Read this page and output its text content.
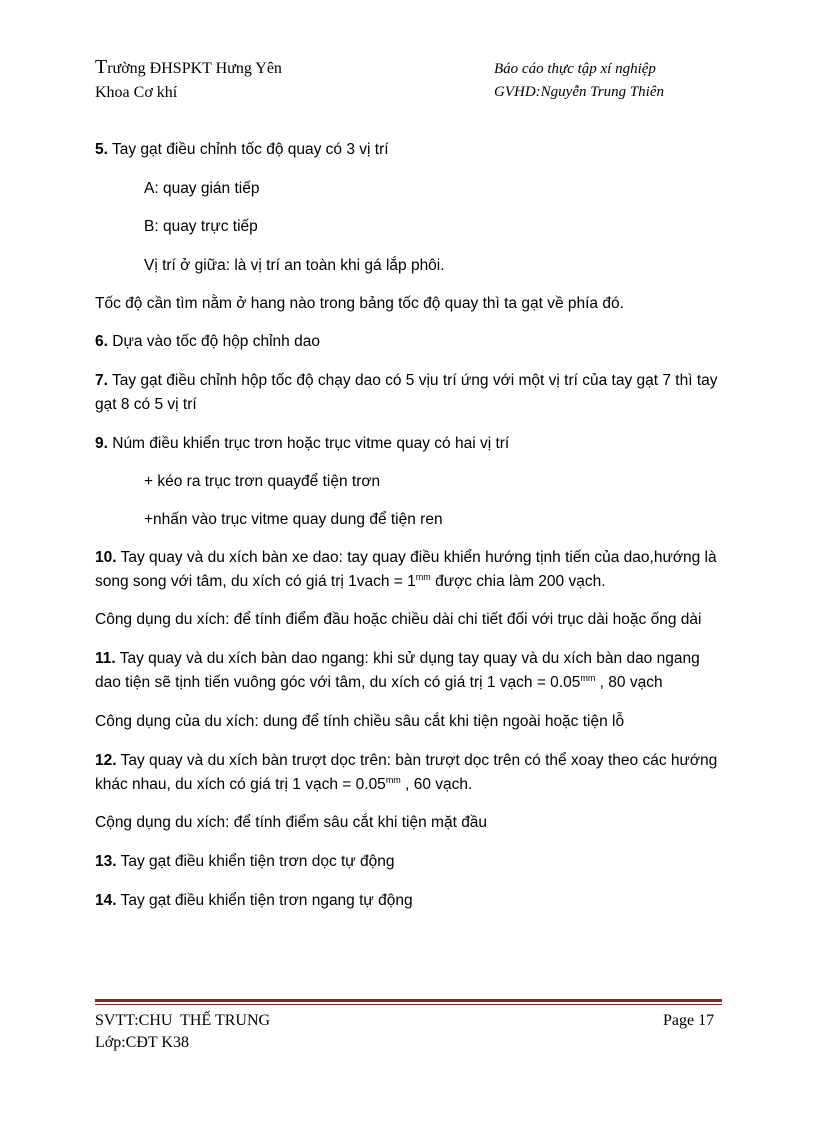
Trường ĐHSPKT Hưng Yên
Khoa Cơ khí
Báo cáo thực tập xí nghiệp
GVHD:Nguyễn Trung Thiên

5. Tay gạt điều chỉnh tốc độ quay có 3 vị trí

A: quay gián tiếp

B: quay trực tiếp

Vị trí ở giữa: là vị trí an toàn khi gá lắp phôi.

Tốc độ cần tìm nằm ở hang nào trong bảng tốc độ quay thì ta gạt về phía đó.

6. Dựa vào tốc độ hộp chỉnh dao

7. Tay gạt điều chỉnh hộp tốc độ chạy dao có 5 vịu trí ứng với một vị trí của tay gạt 7 thì tay gạt 8 có 5 vị trí

9. Núm điều khiển trục trơn hoặc trục vitme quay có hai vị trí

+ kéo ra trục trơn quayđể tiện trơn

+nhấn vào trục vitme quay dung để tiện ren

10. Tay quay và du xích bàn xe dao: tay quay điều khiển hướng tịnh tiến của dao,hướng là song song với tâm, du xích có giá trị 1vach = $1^{mm}$ được chia làm 200 vạch.

Công dụng du xích: để tính điểm đầu hoặc chiều dài chi tiết đối với trục dài hoặc ống dài

11. Tay quay và du xích bàn dao ngang: khi sử dụng tay quay và du xích bàn dao ngang dao tiện sẽ tịnh tiến vuông góc với tâm, du xích có giá trị 1 vạch = $0.05^{mm}$ , 80 vạch

Công dụng của du xích: dung để tính chiều sâu cắt khi tiện ngoài hoặc tiện lỗ

12. Tay quay và du xích bàn trượt dọc trên: bàn trượt dọc trên có thể xoay theo các hướng khác nhau, du xích có giá trị 1 vạch = $0.05^{mm}$ , 60 vạch.

Cộng dụng du xích: để tính điểm sâu cắt khi tiện mặt đầu

13. Tay gạt điều khiển tiện trơn dọc tự động

14. Tay gạt điều khiển tiện trơn ngang tự động

SVTT:CHU  THẾ TRUNG
Lớp:CĐT K38
Page 17
